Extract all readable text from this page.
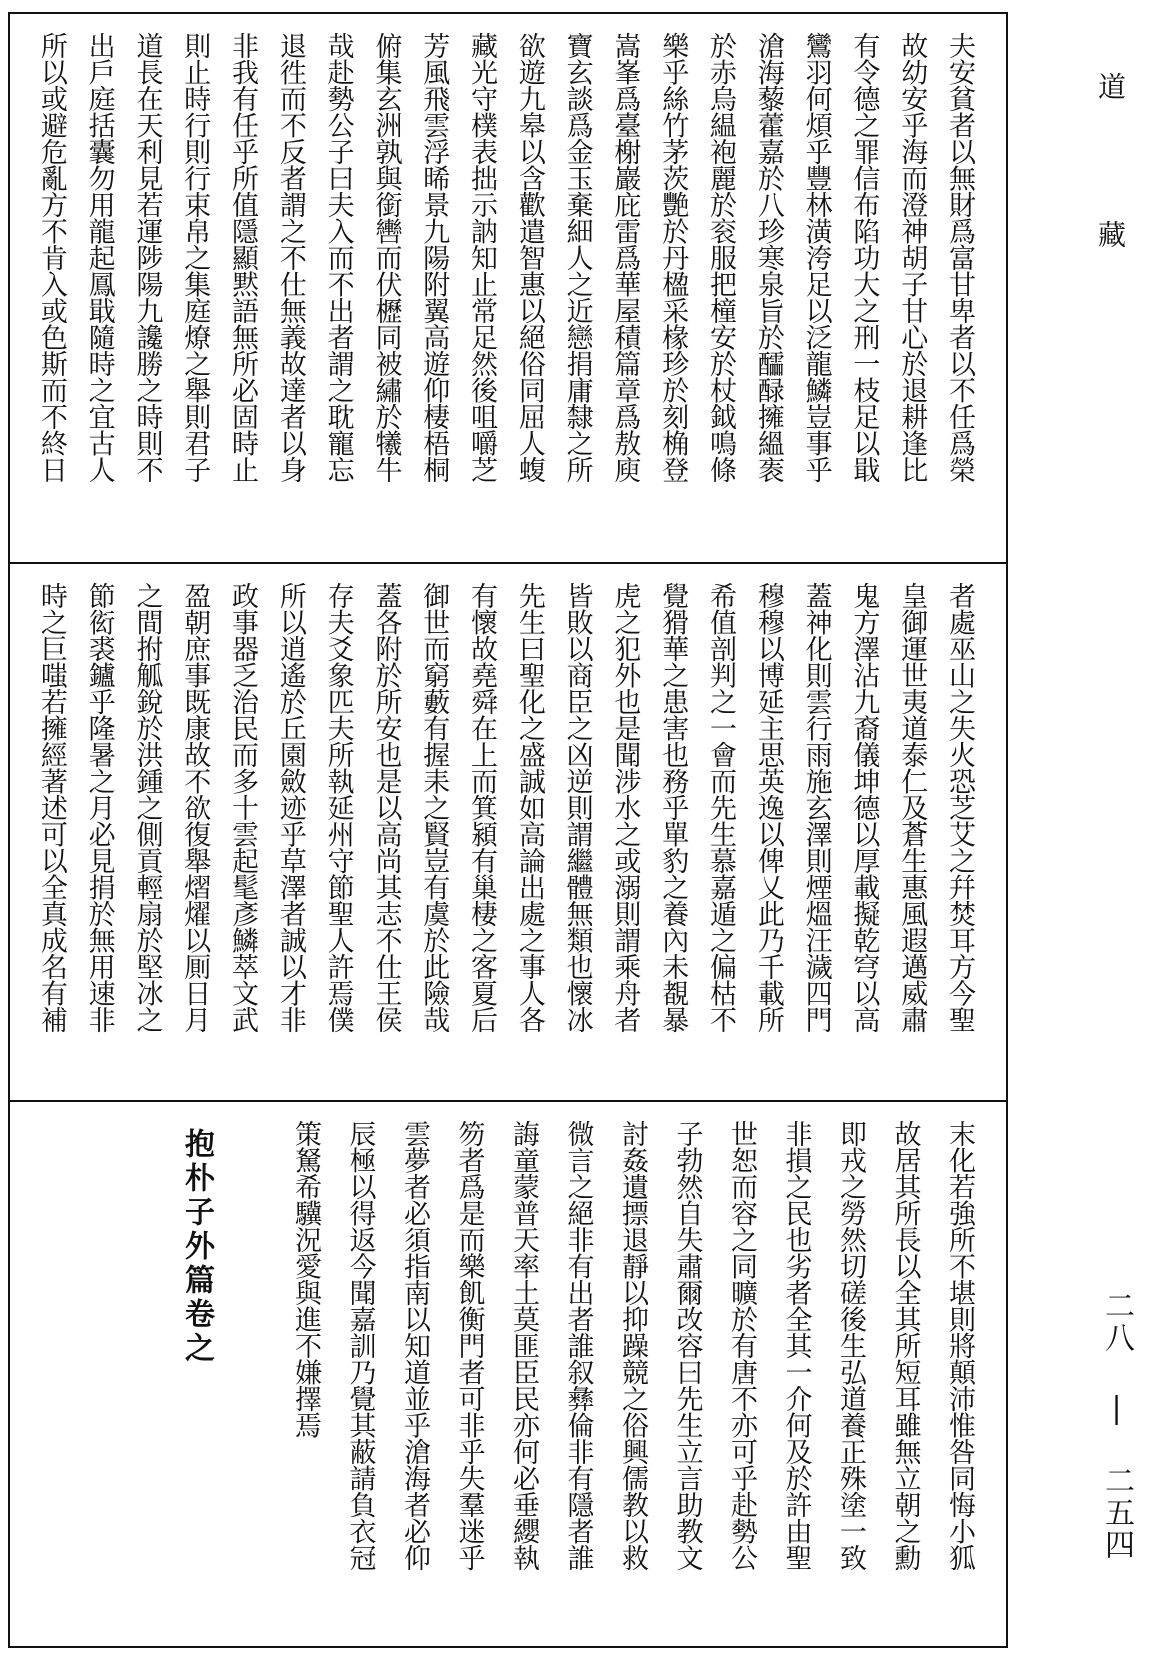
夫安貧者以無財爲富甘卑者以不任爲榮
故幼安乎海而澄神胡子甘心於退耕逢比
有令德之罪信布陷功大之刑一枝足以戢
鸞羽何煩乎豐林潢洿足以泛龍鱗豈事乎
滄海藜藿嘉於八珍寒泉旨於醽醁擁縕袠
於赤烏緼袍麗於衮服把橦安於杖鉞鳴條
樂乎絲竹茅茨艷於丹楹采椽珍於刻桷登
嵩峯爲臺榭巖庇雷爲華屋積篇章爲敖庾
寶玄談爲金玉棄細人之近戀捐庸隸之所
欲遊九皋以含歡遣智惠以絕俗同屈人蝮
藏光守樸表拙示訥知止常足然後咀嚼芝
芳風飛雲浮晞景九陽附翼高遊仰棲梧桐
俯集玄洲孰與銜轡而伏櫪同被繡於犧牛
哉赴勢公子曰夫入而不出者謂之耽寵忘
退徃而不反者謂之不仕無義故達者以身
非我有任乎所值隱顯黙語無所必固時止
則止時行則行束帛之集庭燎之舉則君子
道長在天利見若運陟陽九讒勝之時則不
出戶庭括囊勿用龍起鳳戢隨時之宜古人
所以或避危亂方不肯入或色斯而不終日
者處巫山之失火恐芝艾之幷焚耳方今聖
皇御運世夷道泰仁及蒼生惠風遐邁威肅
鬼方澤沾九裔儀坤德以厚載擬乾穹以高
蓋神化則雲行雨施玄澤則煙熅汪濊四門
穆穆以博延主思英逸以俾乂此乃千載所
希值剖判之一會而先生慕嘉遁之偏枯不
覺猾華之患害也務乎單豹之養內未覩暴
虎之犯外也是聞涉水之或溺則謂乘舟者
皆敗以商臣之凶逆則謂繼體無類也懷冰
先生曰聖化之盛誠如高論出處之事人各
有懷故堯舜在上而箕潁有巢棲之客夏后
御世而窮藪有握耒之賢豈有虞於此險哉
蓋各附於所安也是以高尚其志不仕王侯
存夫爻象匹夫所執延州守節聖人許焉僕
所以逍遙於丘園斂迹乎草澤者誠以才非
政事器乏治民而多十雲起髦彥鱗萃文武
盈朝庶事既康故不欲復舉熠燿以厠日月
之間拊觚銳於洪鍾之側貢輕扇於堅冰之
節衒裘鑪乎隆暑之月必見捐於無用速非
時之巨嗤若擁經著述可以全真成名有補
末化若強所不堪則將顛沛惟咎同悔小狐
故居其所長以全其所短耳雖無立朝之勳
即戎之勞然切磋後生弘道養正殊塗一致
非損之民也劣者全其一介何及於許由聖
世恕而容之同曠於有唐不亦可乎赴勢公
子勃然自失肅爾改容曰先生立言助教文
討姦遺摽退靜以抑躁競之俗興儒教以救
微言之絕非有出者誰叙彝倫非有隱者誰
誨童蒙普天率土莫匪臣民亦何必垂纓執
笏者爲是而樂飢衡門者可非乎失羣迷乎
雲夢者必須指南以知道並乎滄海者必仰
辰極以得返今聞嘉訓乃覺其蔽請負衣冠
策駑希驥況愛與進不嫌擇焉
抱朴子外篇卷之
道藏
二八 | 二五四
